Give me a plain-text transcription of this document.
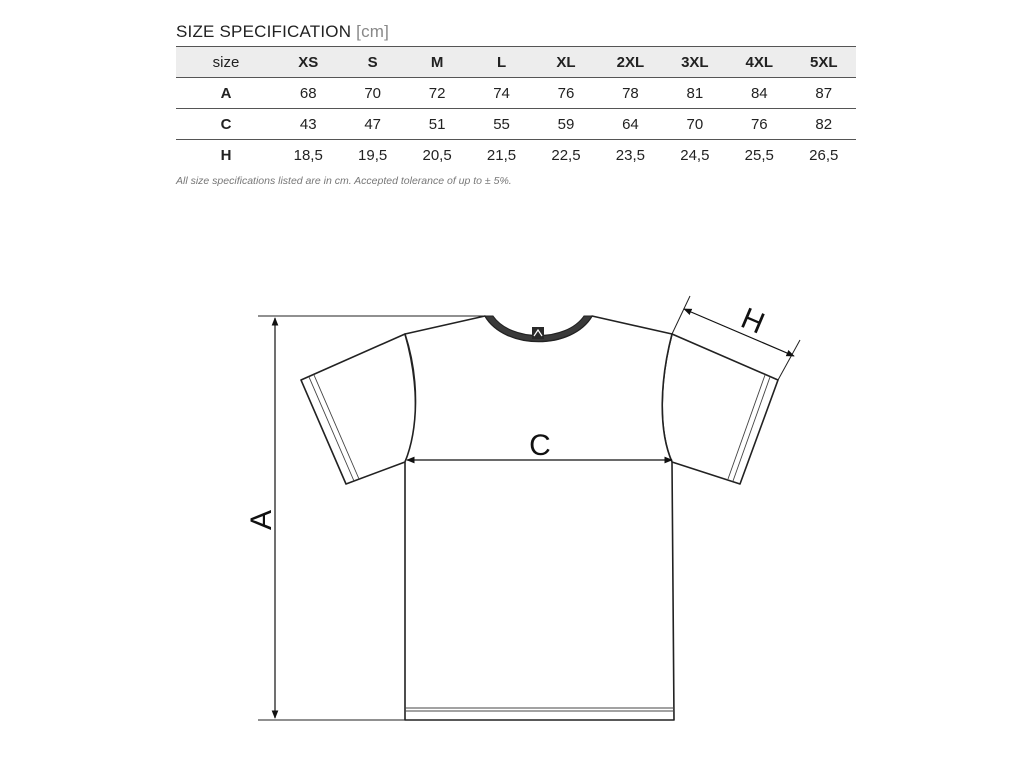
SIZE SPECIFICATION [cm]
size	XS	S	M	L	XL	2XL	3XL	4XL	5XL
A	68	70	72	74	76	78	81	84	87
C	43	47	51	55	59	64	70	76	82
H	18,5	19,5	20,5	21,5	22,5	23,5	24,5	25,5	26,5
All size specifications listed are in cm. Accepted tolerance of up to ± 5%.
A
C
H
